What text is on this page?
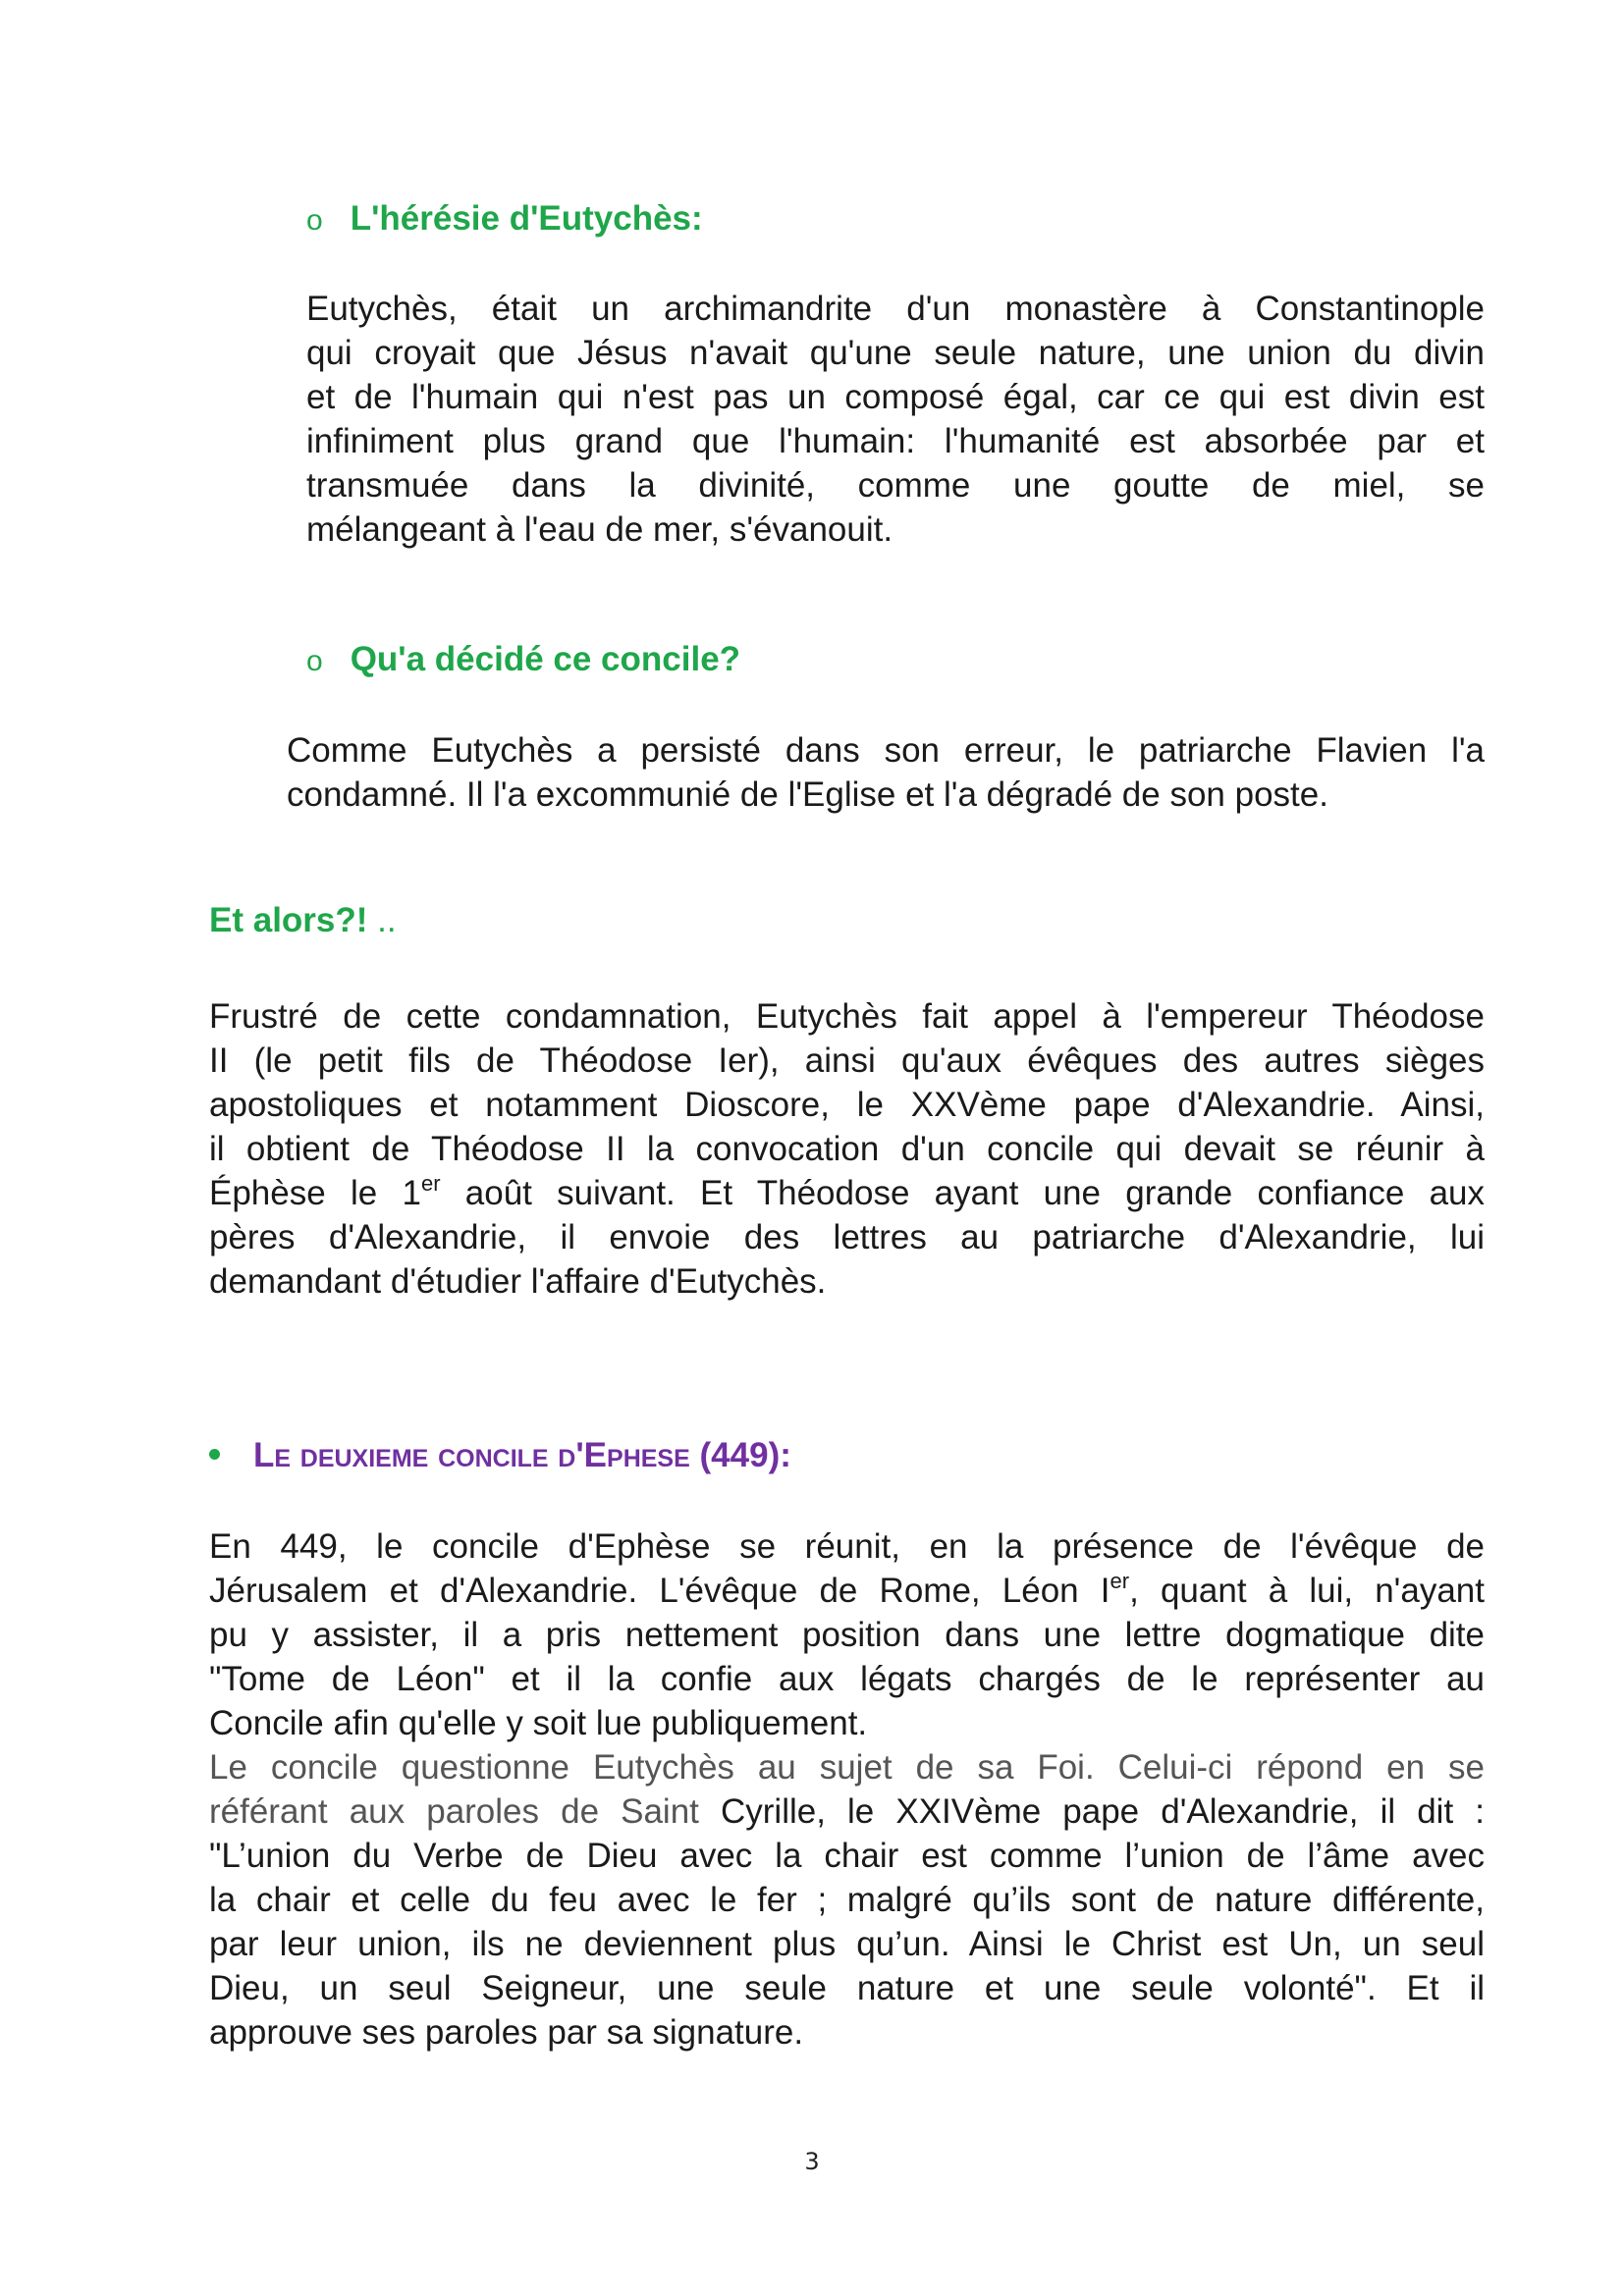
o L'hérésie d'Eutychès:
Eutychès, était un archimandrite d'un monastère à Constantinople
qui croyait que Jésus n'avait qu'une seule nature, une union du divin
et de l'humain qui n'est pas un composé égal, car ce qui est divin est
infiniment plus grand que l'humain: l'humanité est absorbée par et
transmuée dans la divinité, comme une goutte de miel, se
mélangeant à l'eau de mer, s'évanouit.
o Qu'a décidé ce concile?
Comme Eutychès a persisté dans son erreur, le patriarche Flavien l'a
condamné. Il l'a excommunié de l'Eglise et l'a dégradé de son poste.
Et alors?! ..
Frustré de cette condamnation, Eutychès fait appel à l'empereur Théodose
II (le petit fils de Théodose Ier), ainsi qu'aux évêques des autres sièges
apostoliques et notamment Dioscore, le XXVème pape d'Alexandrie. Ainsi,
il obtient de Théodose II la convocation d'un concile qui devait se réunir à
Éphèse le 1er août suivant. Et Théodose ayant une grande confiance aux
pères d'Alexandrie, il envoie des lettres au patriarche d'Alexandrie, lui
demandant d'étudier l'affaire d'Eutychès.
Le deuxieme concile d'Ephese (449):
En 449, le concile d'Ephèse se réunit, en la présence de l'évêque de
Jérusalem et d'Alexandrie. L'évêque de Rome, Léon Ier, quant à lui, n'ayant
pu y assister, il a pris nettement position dans une lettre dogmatique dite
"Tome de Léon" et il la confie aux légats chargés de le représenter au
Concile afin qu'elle y soit lue publiquement.
Le concile questionne Eutychès au sujet de sa Foi. Celui-ci répond en se
référant aux paroles de Saint Cyrille, le XXIVème pape d'Alexandrie, il dit :
"L’union du Verbe de Dieu avec la chair est comme l’union de l’âme avec
la chair et celle du feu avec le fer ; malgré qu’ils sont de nature différente,
par leur union, ils ne deviennent plus qu’un. Ainsi le Christ est Un, un seul
Dieu, un seul Seigneur, une seule nature et une seule volonté". Et il
approuve ses paroles par sa signature.
3
